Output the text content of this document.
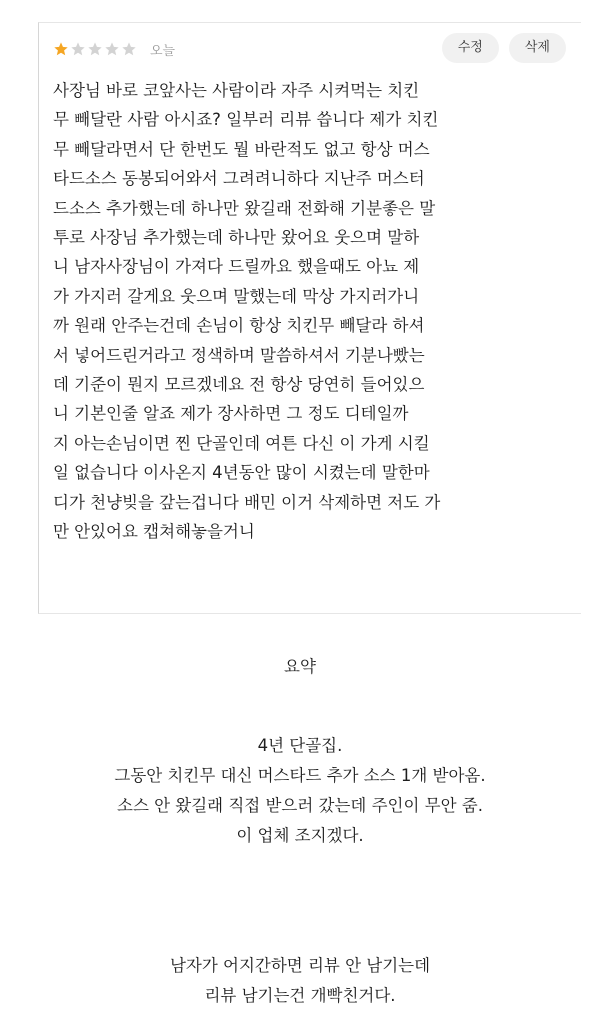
오늘	수정	삭제

사장님 바로 코앞사는 사람이라 자주 시켜먹는 치킨
무 빼달란 사람 아시죠? 일부러 리뷰 씁니다 제가 치킨
무 빼달라면서 단 한번도 뭘 바란적도 없고 항상 머스
타드소스 동봉되어와서 그려려니하다 지난주 머스터
드소스 추가했는데 하나만 왔길래 전화해 기분좋은 말
투로 사장님 추가했는데 하나만 왔어요 웃으며 말하
니 남자사장님이 가져다 드릴까요 했을때도 아뇨 제
가 가지러 갈게요 웃으며 말했는데 막상 가지러가니
까 원래 안주는건데 손님이 항상 치킨무 빼달라 하셔
서 넣어드린거라고 정색하며 말씀하셔서 기분나빴는
데 기준이 뭔지 모르겠네요 전 항상 당연히 들어있으
니 기본인줄 알죠 제가 장사하면 그 정도 디테일까
지 아는손님이면 찐 단골인데 여튼 다신 이 가게 시킬
일 없습니다 이사온지 4년동안 많이 시켰는데 말한마
디가 천냥빚을 갚는겁니다 배민 이거 삭제하면 저도 가
만 안있어요 캡쳐해놓을거니

요약
4년 단골집.
그동안 치킨무 대신 머스타드 추가 소스 1개 받아옴.
소스 안 왔길래 직접 받으러 갔는데 주인이 무안 줌.
이 업체 조지겠다.
남자가 어지간하면 리뷰 안 남기는데
리뷰 남기는건 개빡친거다.
